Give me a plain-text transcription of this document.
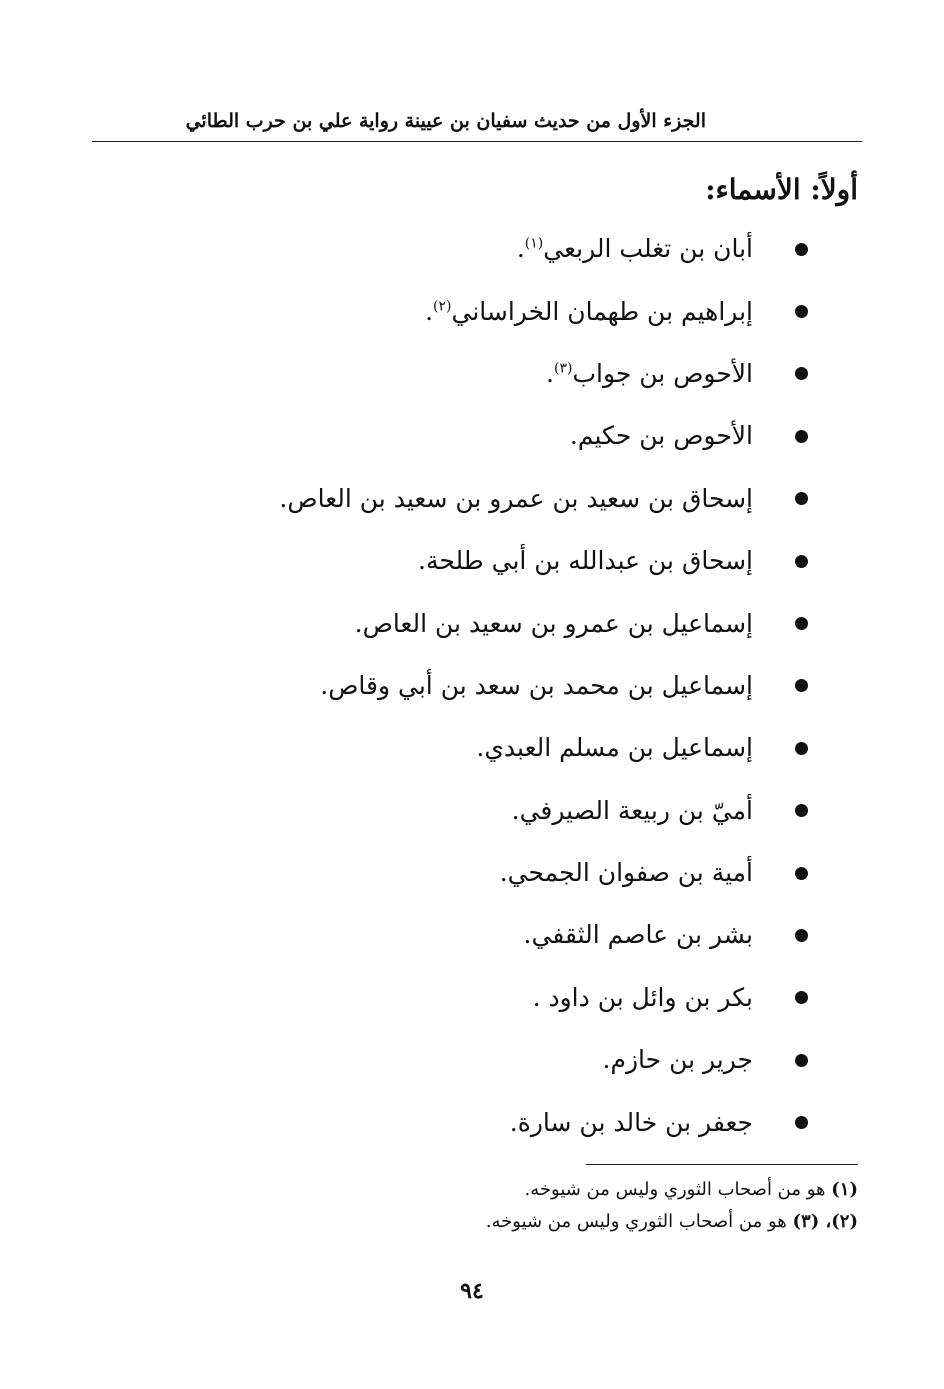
الجزء الأول من حديث سفيان بن عيينة رواية علي بن حرب الطائي
أولاً: الأسماء:
أبان بن تغلب الربعي$^{(١)}$.
إبراهيم بن طهمان الخراساني$^{(٢)}$.
الأحوص بن جواب$^{(٣)}$.
الأحوص بن حكيم.
إسحاق بن سعيد بن عمرو بن سعيد بن العاص.
إسحاق بن عبدالله بن أبي طلحة.
إسماعيل بن عمرو بن سعيد بن العاص.
إسماعيل بن محمد بن سعد بن أبي وقاص.
إسماعيل بن مسلم العبدي.
أميّ بن ربيعة الصيرفي.
أمية بن صفوان الجمحي.
بشر بن عاصم الثقفي.
بكر بن وائل بن داود .
جرير بن حازم.
جعفر بن خالد بن سارة.
(١) هو من أصحاب الثوري وليس من شيوخه.
(٢)، (٣) هو من أصحاب الثوري وليس من شيوخه.
٩٤
